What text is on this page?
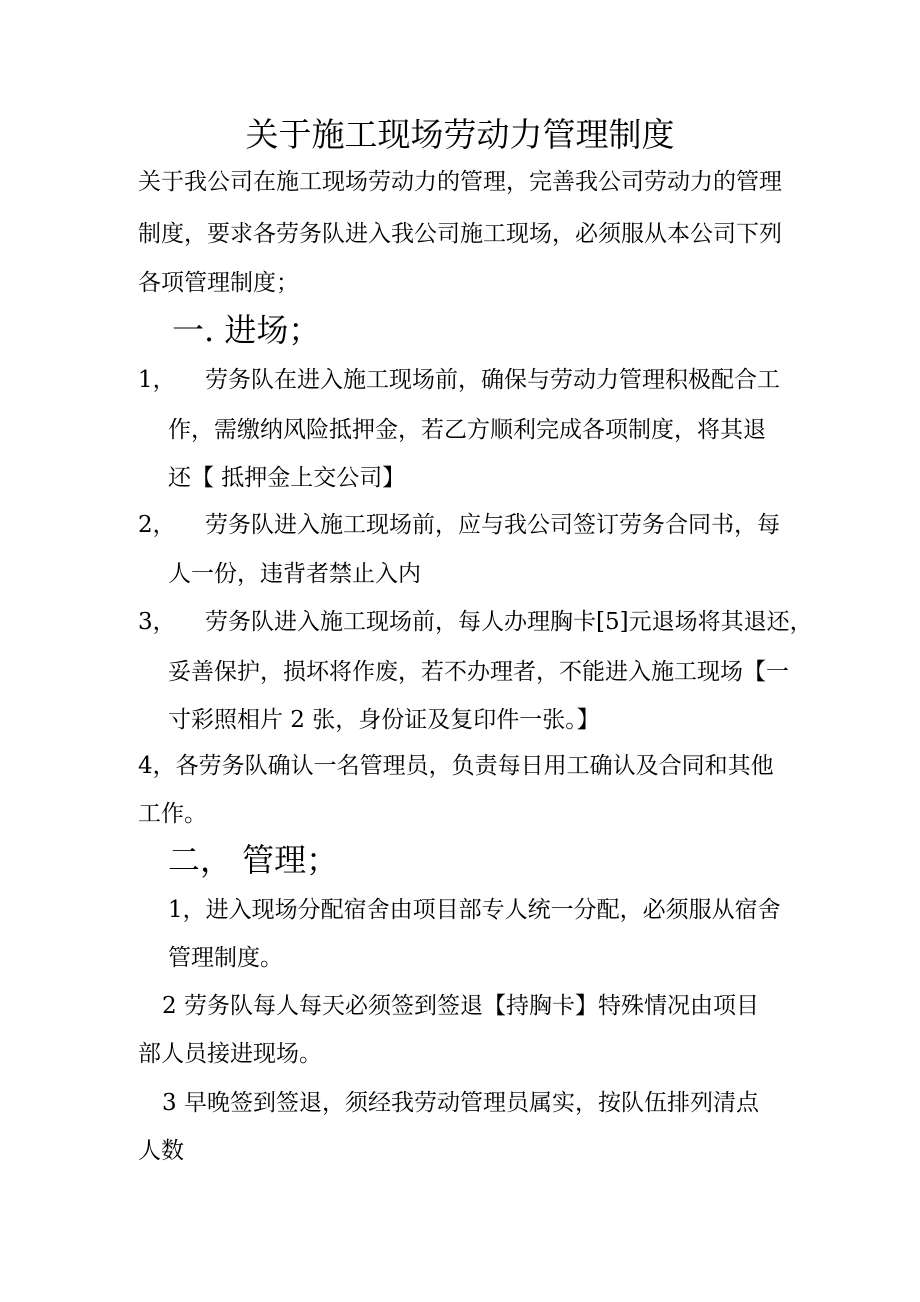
关于施工现场劳动力管理制度
关于我公司在施工现场劳动力的管理，完善我公司劳动力的管理
制度，要求各劳务队进入我公司施工现场，必须服从本公司下列
各项管理制度；
一. 进场；
1， 劳务队在进入施工现场前，确保与劳动力管理积极配合工
作，需缴纳风险抵押金，若乙方顺利完成各项制度，将其退
还【 抵押金上交公司】
2， 劳务队进入施工现场前，应与我公司签订劳务合同书，每
人一份，违背者禁止入内
3， 劳务队进入施工现场前，每人办理胸卡[5]元退场将其退还，
妥善保护，损坏将作废，若不办理者，不能进入施工现场【一
寸彩照相片 2 张，身份证及复印件一张。】
4，各劳务队确认一名管理员，负责每日用工确认及合同和其他
工作。
二， 管理；
1，进入现场分配宿舍由项目部专人统一分配，必须服从宿舍
管理制度。
2 劳务队每人每天必须签到签退【持胸卡】特殊情况由项目
部人员接进现场。
3 早晚签到签退，须经我劳动管理员属实，按队伍排列清点
人数
